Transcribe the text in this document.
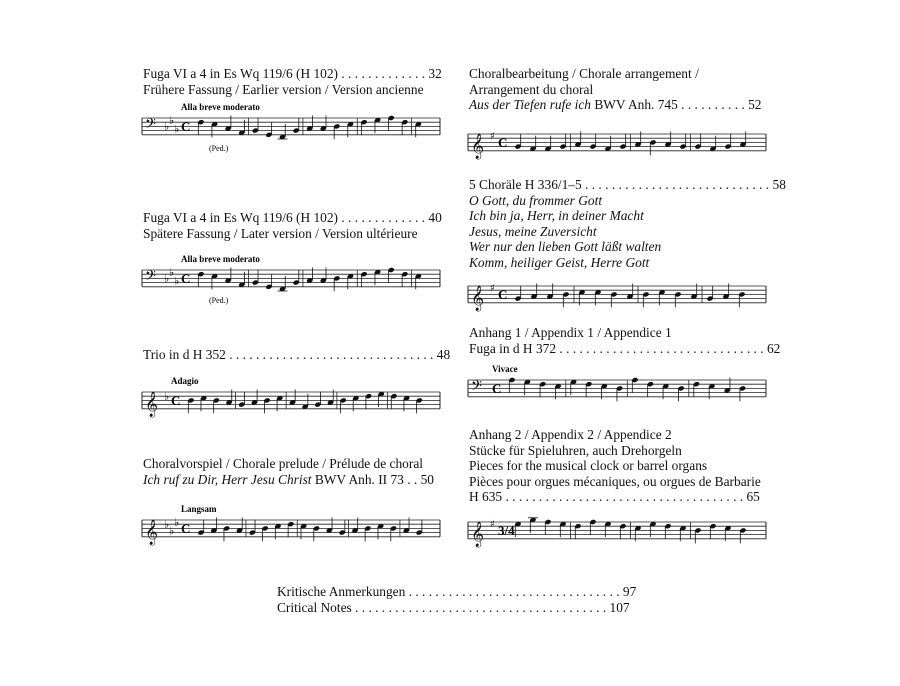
Fuga VI a 4 in Es Wq 119/6 (H 102) . . . . . . . . . . . . . 32
Frühere Fassung / Earlier version / Version ancienne
Fuga VI a 4 in Es Wq 119/6 (H 102) . . . . . . . . . . . . . 40
Spätere Fassung / Later version / Version ultérieure
Trio in d H 352 . . . . . . . . . . . . . . . . . . . . . . . . . . . . . . . 48
Choralvorspiel / Chorale prelude / Prélude de choral
Ich ruf zu Dir, Herr Jesu Christ BWV Anh. II 73 . . 50
Choralbearbeitung / Chorale arrangement /
Arrangement du choral
Aus der Tiefen rufe ich BWV Anh. 745 . . . . . . . . . . 52
5 Choräle H 336/1–5 . . . . . . . . . . . . . . . . . . . . . . . . . . . . 58
O Gott, du frommer Gott
Ich bin ja, Herr, in deiner Macht
Jesus, meine Zuversicht
Wer nur den lieben Gott läßt walten
Komm, heiliger Geist, Herre Gott
Anhang 1 / Appendix 1 / Appendice 1
Fuga in d H 372 . . . . . . . . . . . . . . . . . . . . . . . . . . . . . . . 62
Anhang 2 / Appendix 2 / Appendice 2
Stücke für Spieluhren, auch Drehorgeln
Pieces for the musical clock or barrel organs
Pièces pour orgues mécaniques, ou orgues de Barbarie
H 635 . . . . . . . . . . . . . . . . . . . . . . . . . . . . . . . . . . . . 65
Kritische Anmerkungen . . . . . . . . . . . . . . . . . . . . . . . . . . . . . . . . 97
Critical Notes . . . . . . . . . . . . . . . . . . . . . . . . . . . . . . . . . . . . . . 107
𝄢 ♭ ♭
♭ C
Alla breve moderato
(Ped.)
𝄢 ♭ ♭
♭ C
Alla breve moderato
(Ped.)
𝄞 ♭ C
Adagio
𝄞 ♭ ♭
♭ C
Langsam
𝄞 ♯ C
𝄞 ♯ C
𝄢 C
Vivace
𝄞 ♯ 3/4
